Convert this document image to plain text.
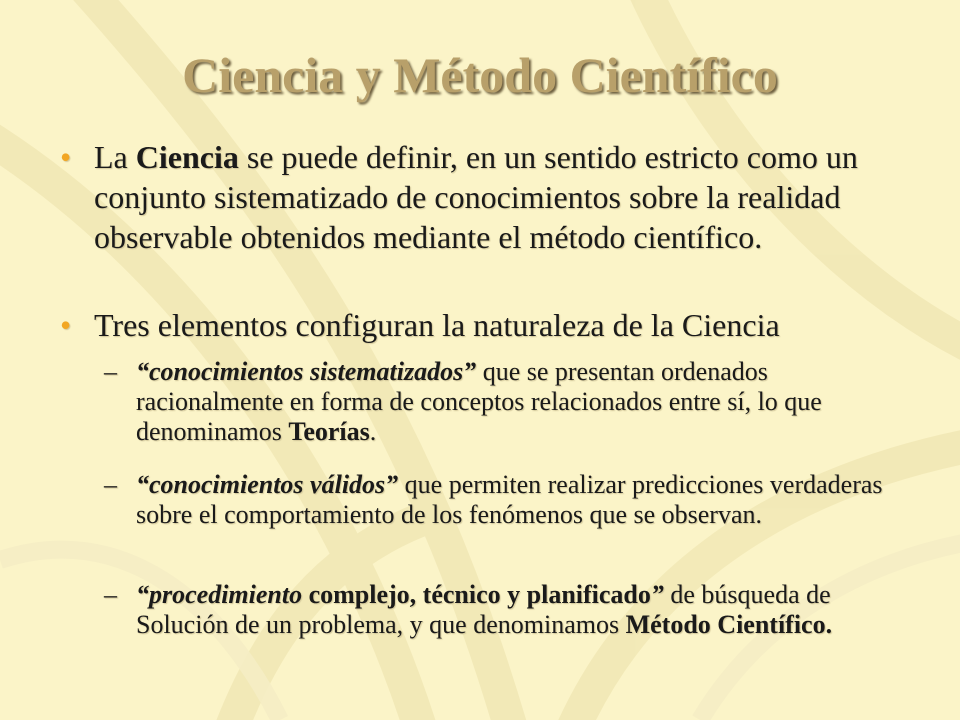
Ciencia y Método Científico

• La Ciencia se puede definir, en un sentido estricto como un conjunto sistematizado de conocimientos sobre la realidad observable obtenidos mediante el método científico.

• Tres elementos configuran la naturaleza de la Ciencia

– “conocimientos sistematizados” que se presentan ordenados racionalmente en forma de conceptos relacionados entre sí, lo que denominamos Teorías.

– “conocimientos válidos” que permiten realizar predicciones verdaderas sobre el comportamiento de los fenómenos que se observan.

– “procedimiento complejo, técnico y planificado” de búsqueda de Solución de un problema, y que denominamos Método Científico.
